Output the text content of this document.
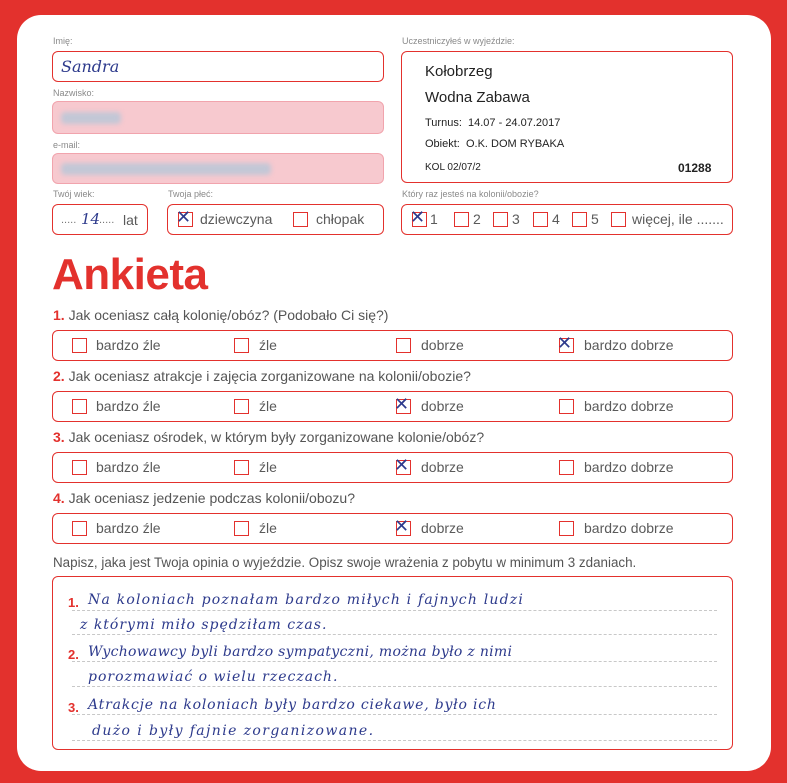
Imię:
Sandra
Nazwisko:
e-mail:
Twój wiek:
..... 14
..... lat
Twoja płeć:
✕ dziewczyna	chłopak
Uczestniczyłeś w wyjeździe:
Kołobrzeg
Wodna Zabawa
Turnus: 14.07 - 24.07.2017
Obiekt: O.K. DOM RYBAKA
KOL 02/07/2	01288
Który raz jesteś na kolonii/obozie?
✕ 1	2 3 4 5 więcej, ile .......
Ankieta
1. Jak oceniasz całą kolonię/obóz? (Podobało Ci się?)
bardzo źle	źle	dobrze	✕ bardzo dobrze
2. Jak oceniasz atrakcje i zajęcia zorganizowane na kolonii/obozie?
bardzo źle	źle	✕ dobrze	bardzo dobrze
3. Jak oceniasz ośrodek, w którym były zorganizowane kolonie/obóz?
bardzo źle	źle	✕ dobrze	bardzo dobrze
4. Jak oceniasz jedzenie podczas kolonii/obozu?
bardzo źle	źle	✕ dobrze	bardzo dobrze
Napisz, jaka jest Twoja opinia o wyjeździe. Opisz swoje wrażenia z pobytu w minimum 3 zdaniach.
1.
2.
3.
Na koloniach poznałam bardzo miłych i fajnych ludzi
z którymi miło spędziłam czas.
Wychowawcy byli bardzo sympatyczni, można było z nimi
porozmawiać o wielu rzeczach.
Atrakcje na koloniach były bardzo ciekawe, było ich
dużo i były fajnie zorganizowane.
